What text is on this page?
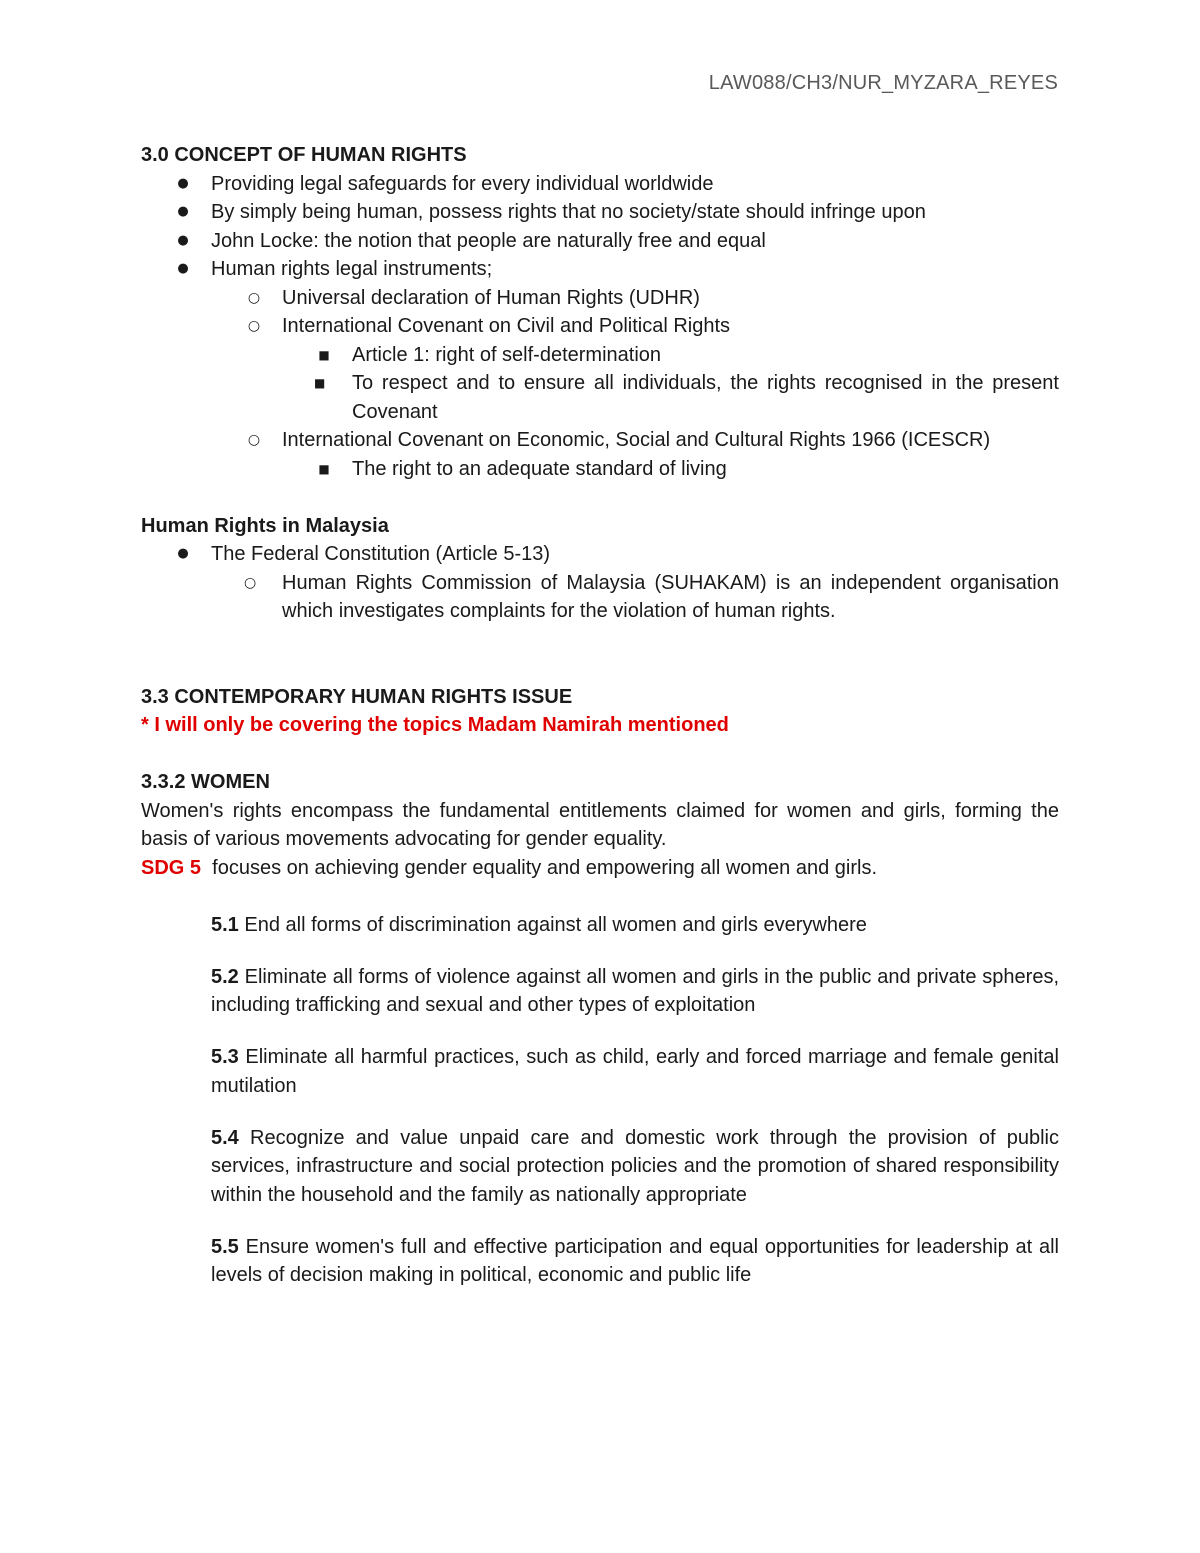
LAW088/CH3/NUR_MYZARA_REYES

3.0 CONCEPT OF HUMAN RIGHTS

● Providing legal safeguards for every individual worldwide
● By simply being human, possess rights that no society/state should infringe upon
● John Locke: the notion that people are naturally free and equal
● Human rights legal instruments;
○ Universal declaration of Human Rights (UDHR)
○ International Covenant on Civil and Political Rights
■ Article 1: right of self-determination
■	To respect and to ensure all individuals, the rights recognised in the present Covenant
○ International Covenant on Economic, Social and Cultural Rights 1966 (ICESCR)
■ The right to an adequate standard of living

Human Rights in Malaysia

● The Federal Constitution (Article 5-13)
○	Human Rights Commission of Malaysia (SUHAKAM) is an independent organisation which investigates complaints for the violation of human rights.

3.3 CONTEMPORARY HUMAN RIGHTS ISSUE

* I will only be covering the topics Madam Namirah mentioned

3.3.2 WOMEN

Women's rights encompass the fundamental entitlements claimed for women and girls, forming the basis of various movements advocating for gender equality.

SDG 5 focuses on achieving gender equality and empowering all women and girls.

5.1 End all forms of discrimination against all women and girls everywhere

5.2 Eliminate all forms of violence against all women and girls in the public and private spheres, including trafficking and sexual and other types of exploitation

5.3 Eliminate all harmful practices, such as child, early and forced marriage and female genital mutilation

5.4 Recognize and value unpaid care and domestic work through the provision of public services, infrastructure and social protection policies and the promotion of shared responsibility within the household and the family as nationally appropriate

5.5 Ensure women's full and effective participation and equal opportunities for leadership at all levels of decision making in political, economic and public life
